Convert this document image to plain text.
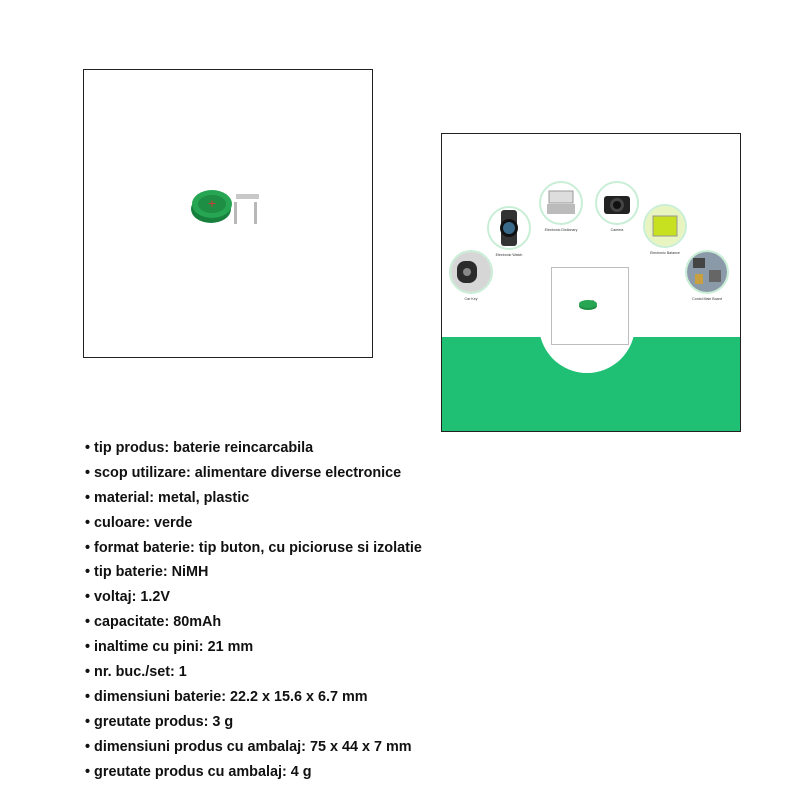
+
Car Key
Electronic Watch
Electronic Dictionary	Camera
Electronic Balance
Contol Main Board
• tip produs: baterie reincarcabila
• scop utilizare: alimentare diverse electronice
• material: metal, plastic
• culoare: verde
• format baterie: tip buton, cu picioruse si izolatie
• tip baterie: NiMH
• voltaj: 1.2V
• capacitate: 80mAh
• inaltime cu pini: 21 mm
• nr. buc./set: 1
• dimensiuni baterie: 22.2 x 15.6 x 6.7 mm
• greutate produs: 3 g
• dimensiuni produs cu ambalaj: 75 x 44 x 7 mm
• greutate produs cu ambalaj: 4 g
